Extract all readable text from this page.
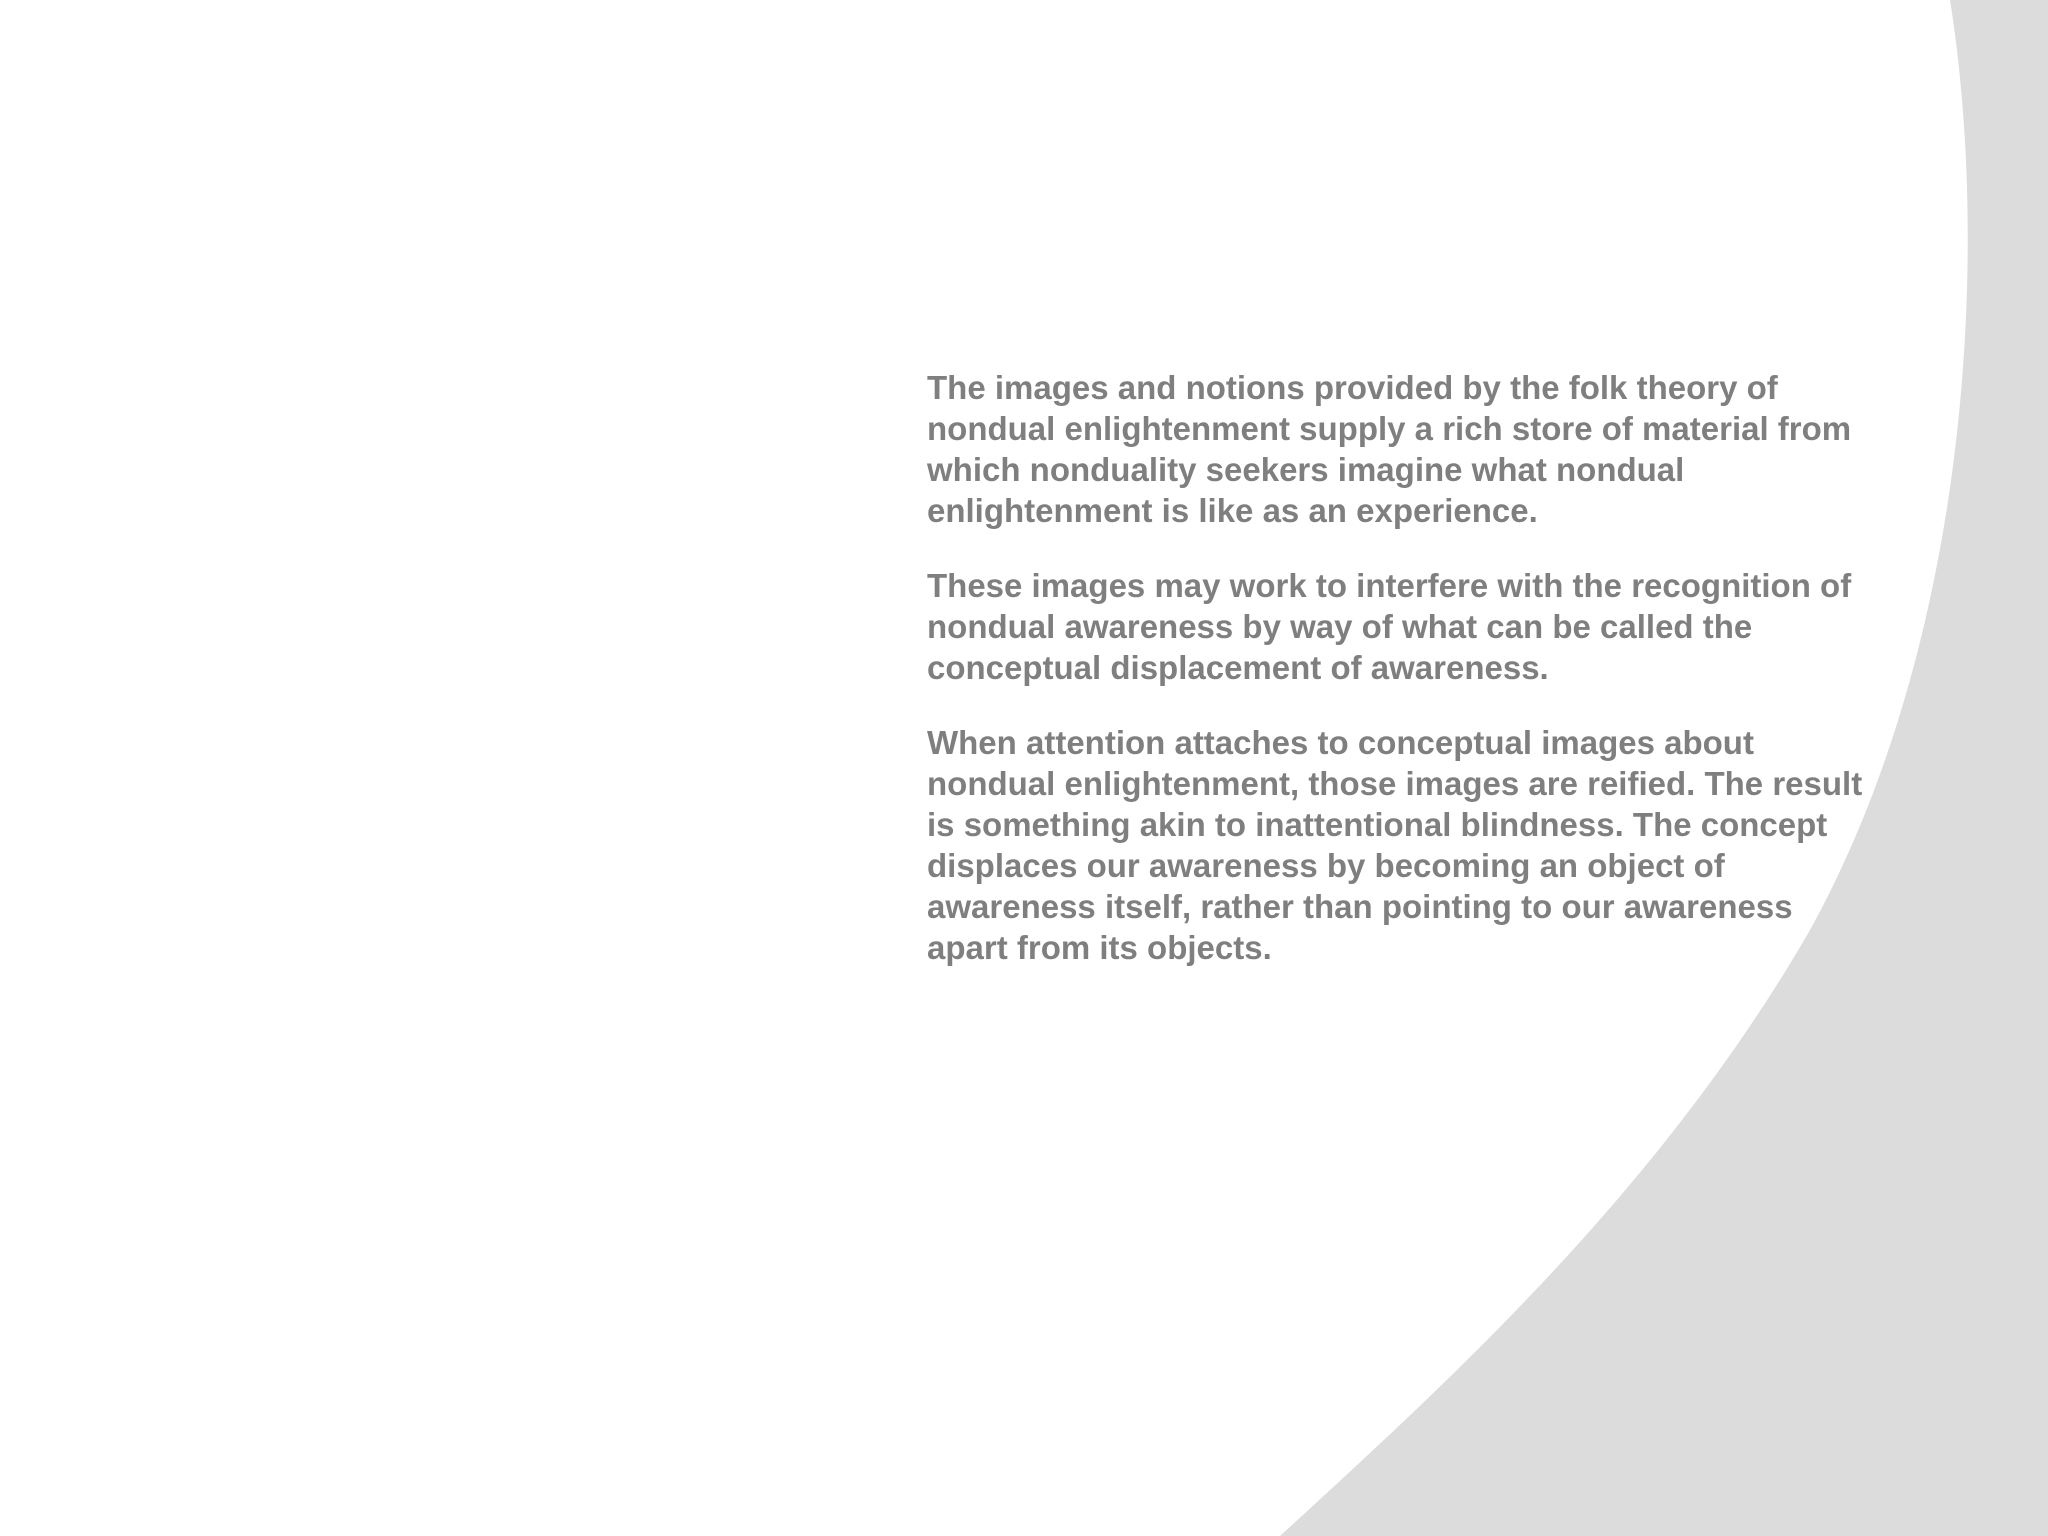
The images and notions provided by the folk theory of
nondual enlightenment supply a rich store of material from
which nonduality seekers imagine what nondual
enlightenment is like as an experience.

These images may work to interfere with the recognition of
nondual awareness by way of what can be called the
conceptual displacement of awareness.

When attention attaches to conceptual images about
nondual enlightenment, those images are reified. The result
is something akin to inattentional blindness. The concept
displaces our awareness by becoming an object of
awareness itself, rather than pointing to our awareness
apart from its objects.
